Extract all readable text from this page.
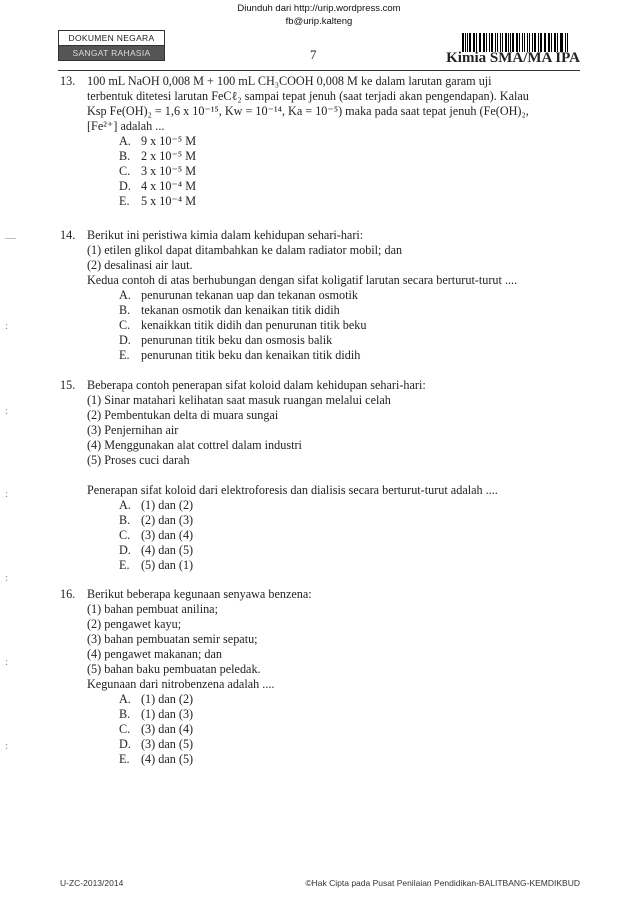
Diunduh dari http://urip.wordpress.com
fb@urip.kalteng
DOKUMEN NEGARA
SANGAT RAHASIA	7	Kimia SMA/MA IPA
13. 100 mL NaOH 0,008 M + 100 mL CH₃COOH 0,008 M ke dalam larutan garam uji
terbentuk ditetesi larutan FeCℓ₂ sampai tepat jenuh (saat terjadi akan pengendapan). Kalau
Ksp Fe(OH)₂ = 1,6 x 10⁻¹⁵, Kw = 10⁻¹⁴, Ka = 10⁻⁵) maka pada saat tepat jenuh (Fe(OH)₂,
[Fe²⁺] adalah ...
A. 9 x 10⁻⁵ M
B. 2 x 10⁻⁵ M
C. 3 x 10⁻⁵ M
D. 4 x 10⁻⁴ M
E. 5 x 10⁻⁴ M
14. Berikut ini peristiwa kimia dalam kehidupan sehari-hari:
(1) etilen glikol dapat ditambahkan ke dalam radiator mobil; dan
(2) desalinasi air laut.
Kedua contoh di atas berhubungan dengan sifat koligatif larutan secara berturut-turut ....
A. penurunan tekanan uap dan tekanan osmotik
B. tekanan osmotik dan kenaikan titik didih
C. kenaikkan titik didih dan penurunan titik beku
D. penurunan titik beku dan osmosis balik
E. penurunan titik beku dan kenaikan titik didih
15. Beberapa contoh penerapan sifat koloid dalam kehidupan sehari-hari:
(1) Sinar matahari kelihatan saat masuk ruangan melalui celah
(2) Pembentukan delta di muara sungai
(3) Penjernihan air
(4) Menggunakan alat cottrel dalam industri
(5) Proses cuci darah
Penerapan sifat koloid dari elektroforesis dan dialisis secara berturut-turut adalah ....
A. (1) dan (2)
B. (2) dan (3)
C. (3) dan (4)
D. (4) dan (5)
E. (5) dan (1)
16. Berikut beberapa kegunaan senyawa benzena:
(1) bahan pembuat anilina;
(2) pengawet kayu;
(3) bahan pembuatan semir sepatu;
(4) pengawet makanan; dan
(5) bahan baku pembuatan peledak.
Kegunaan dari nitrobenzena adalah ....
A. (1) dan (2)
B. (1) dan (3)
C. (3) dan (4)
D. (3) dan (5)
E. (4) dan (5)
—
:
:
:
:
:
:
U-ZC-2013/2014	©Hak Cipta pada Pusat Penilaian Pendidikan-BALITBANG-KEMDIKBUD
